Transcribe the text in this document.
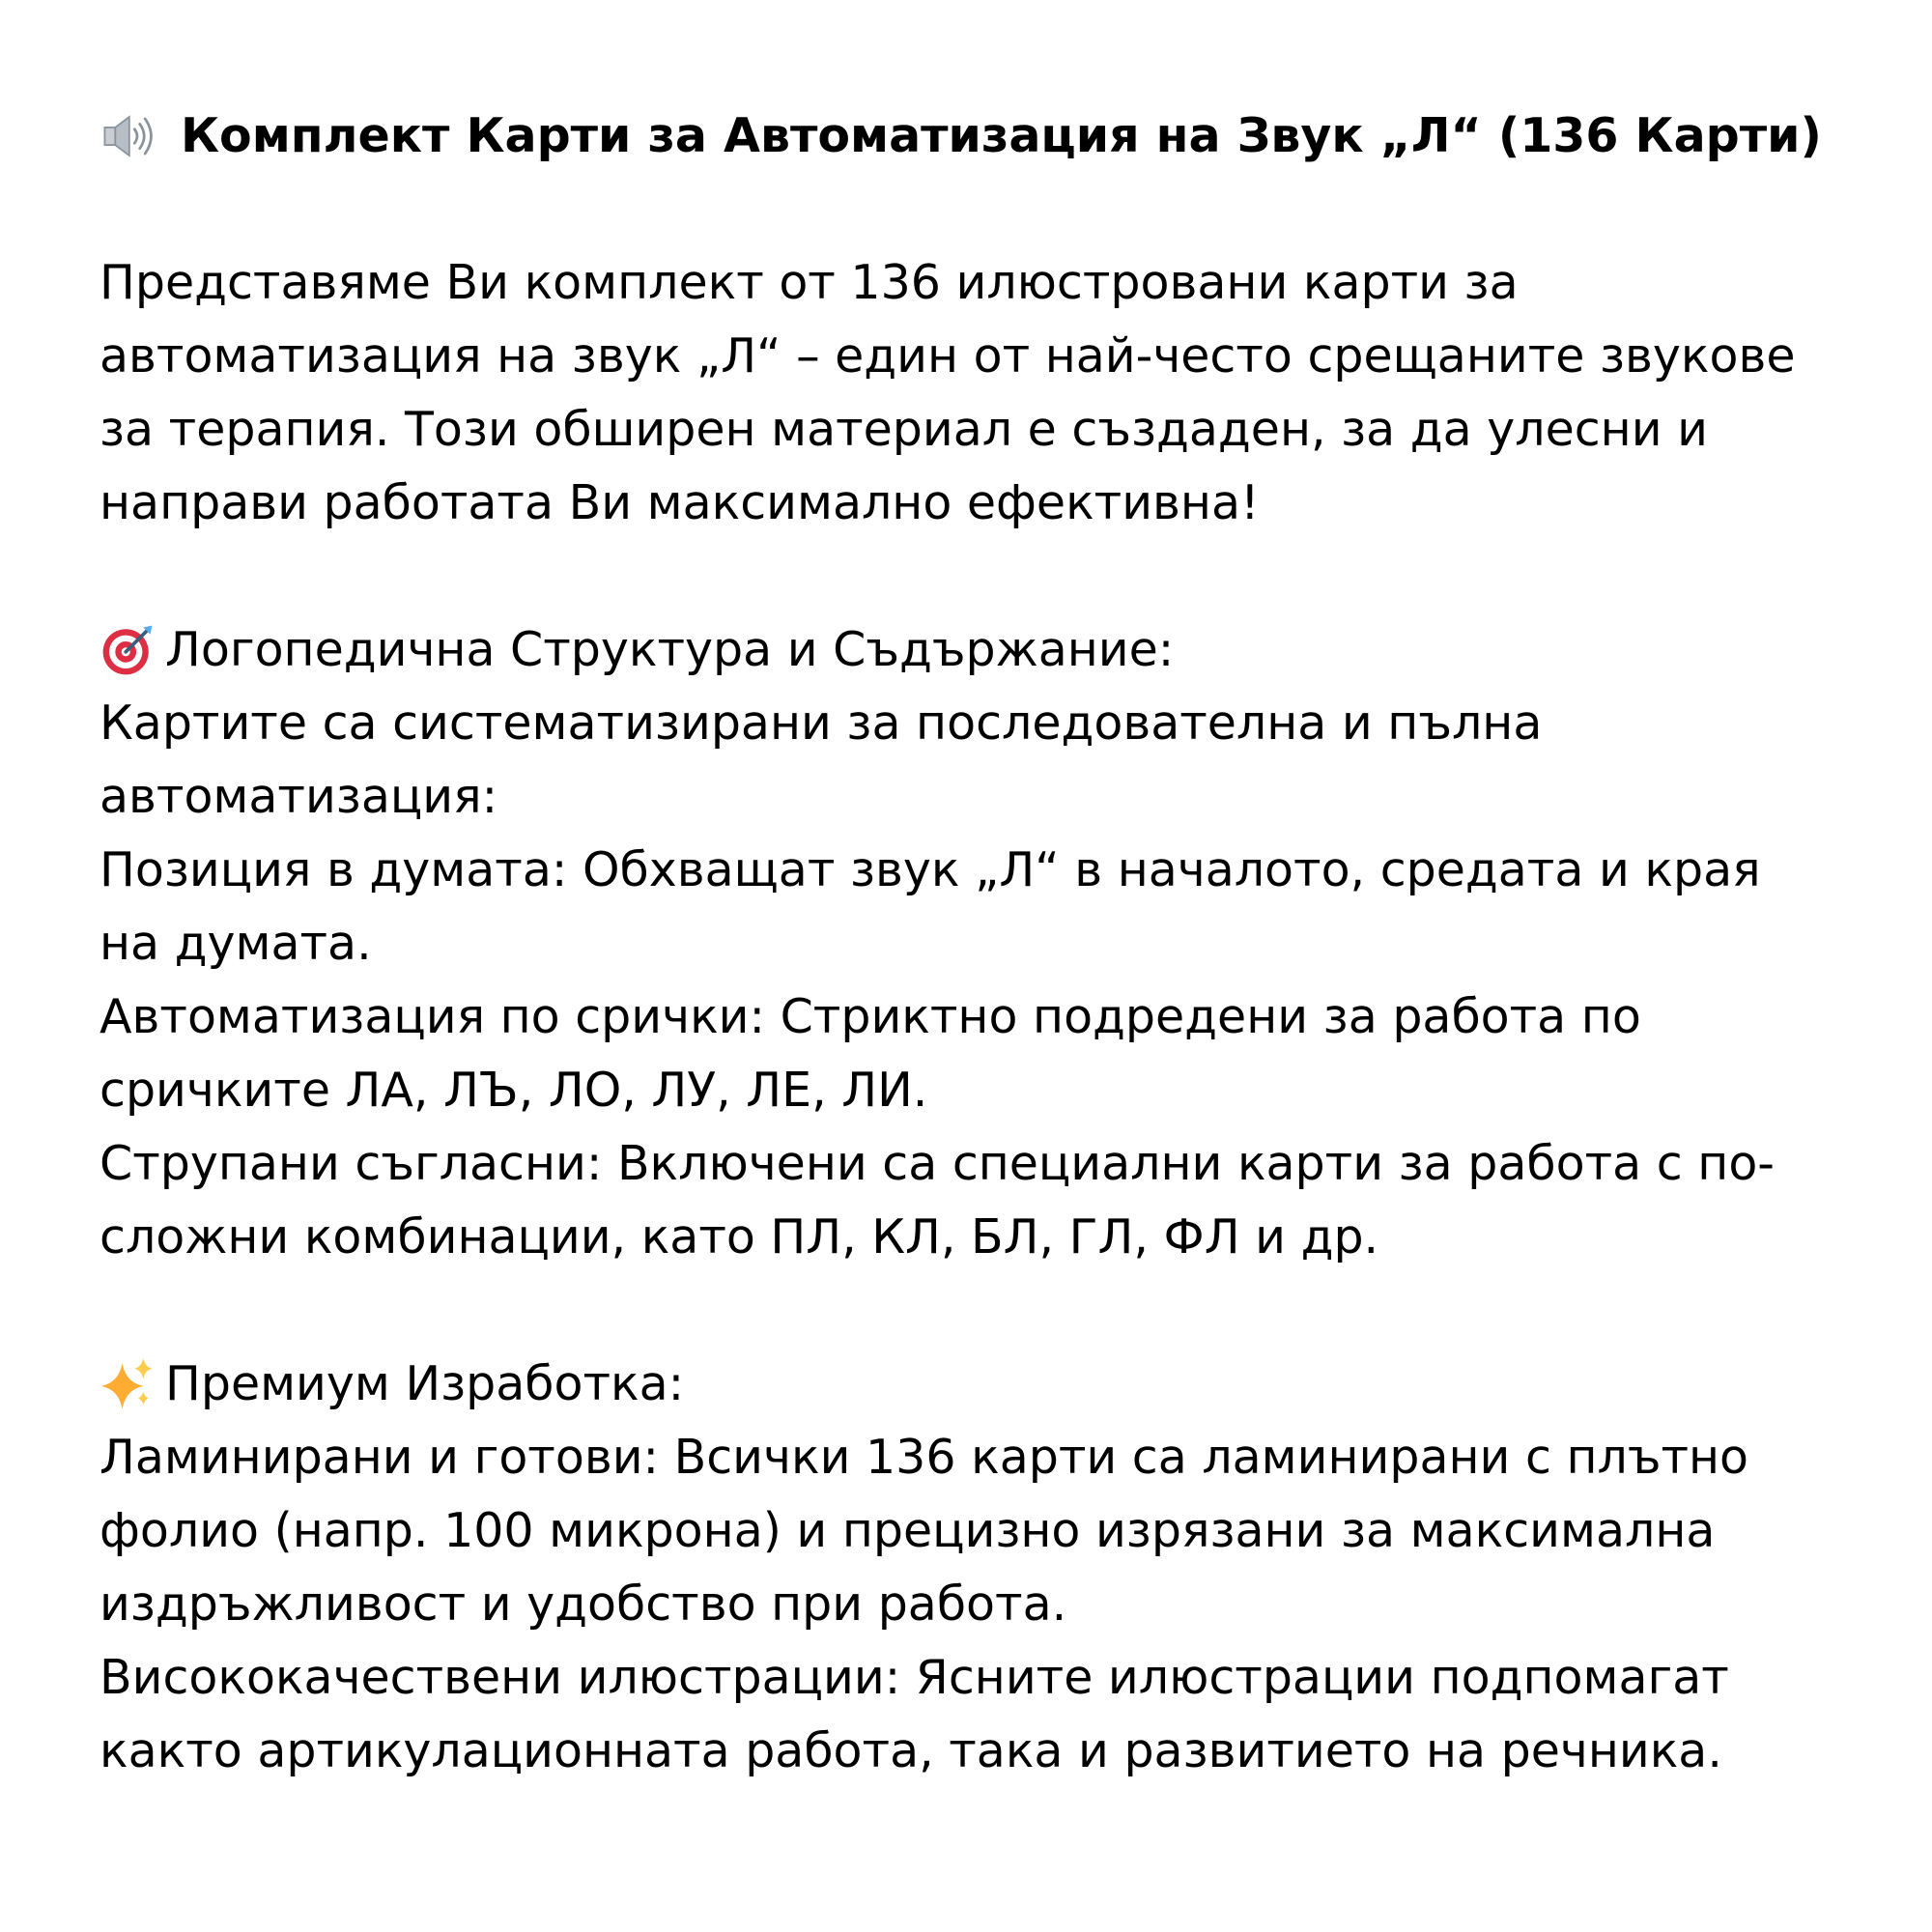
Комплект Карти за Автоматизация на Звук „Л“ (136 Карти)
Представяме Ви комплект от 136 илюстровани карти за
автоматизация на звук „Л“ – един от най-често срещаните звукове
за терапия. Този обширен материал е създаден, за да улесни и
направи работата Ви максимално ефективна!
Логопедична Структура и Съдържание:
Картите са систематизирани за последователна и пълна
автоматизация:
Позиция в думата: Обхващат звук „Л“ в началото, средата и края
на думата.
Автоматизация по срички: Стриктно подредени за работа по
сричките ЛА, ЛЪ, ЛО, ЛУ, ЛЕ, ЛИ.
Струпани съгласни: Включени са специални карти за работа с по-
сложни комбинации, като ПЛ, КЛ, БЛ, ГЛ, ФЛ и др.
Премиум Изработка:
Ламинирани и готови: Всички 136 карти са ламинирани с плътно
фолио (напр. 100 микрона) и прецизно изрязани за максимална
издръжливост и удобство при работа.
Висококачествени илюстрации: Ясните илюстрации подпомагат
както артикулационната работа, така и развитието на речника.
